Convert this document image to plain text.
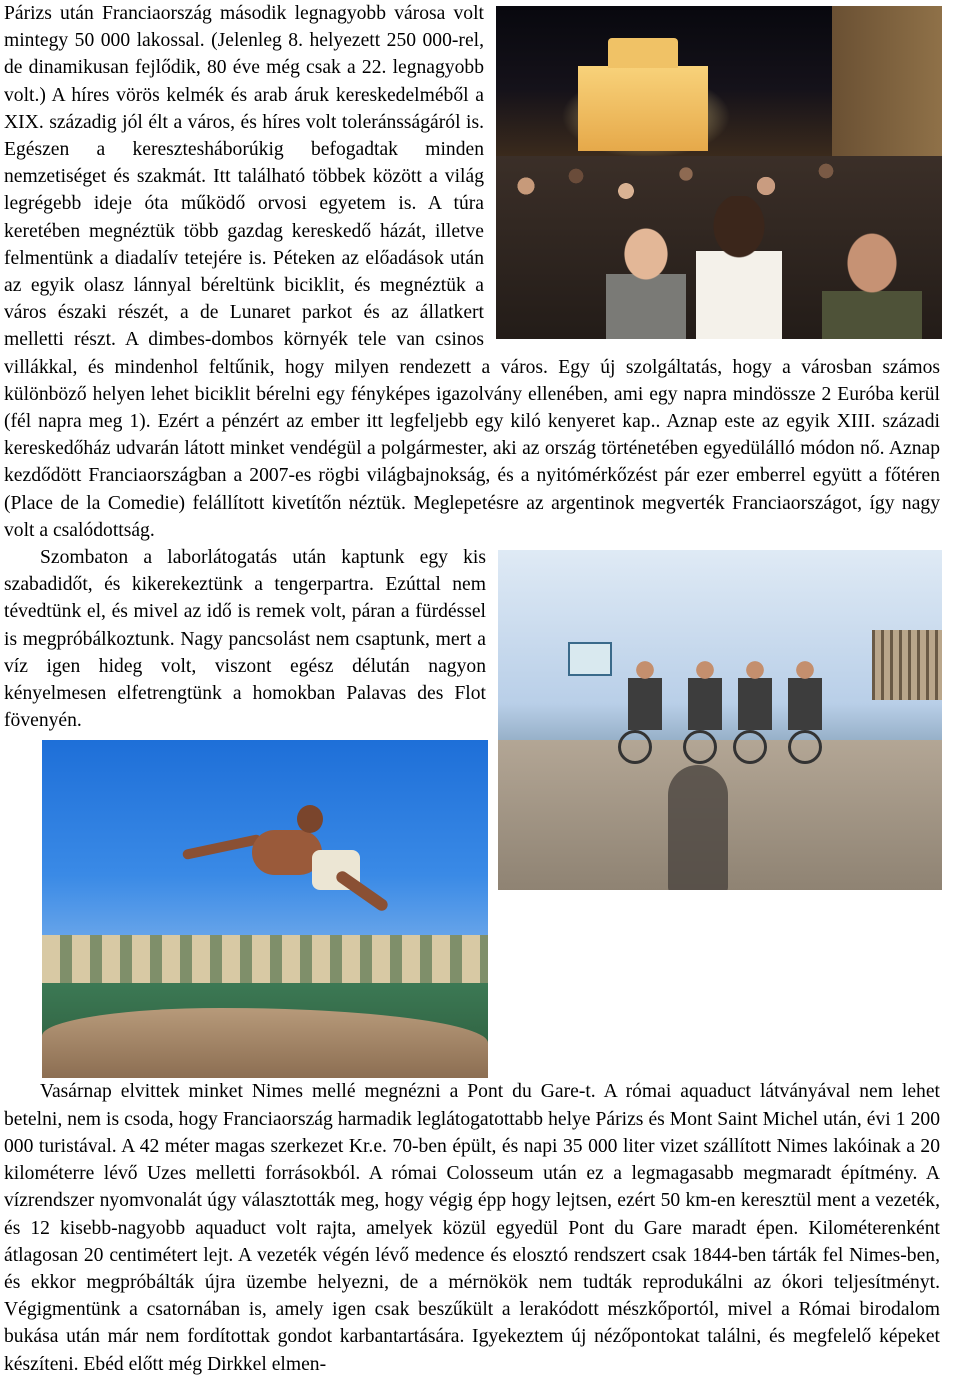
Párizs után Franciaország második legnagyobb városa volt mintegy 50 000 lakossal. (Jelenleg 8. helyezett 250 000-rel, de dinamikusan fejlődik, 80 éve még csak a 22. legnagyobb volt.) A híres vörös kelmék és arab áruk kereskedelméből a XIX. századig jól élt a város, és híres volt toleránsságáról is. Egészen a keresztesháborúkig befogadtak minden nemzetiséget és szakmát. Itt található többek között a világ legrégebb ideje óta működő orvosi egyetem is. A túra keretében megnéztük több gazdag kereskedő házát, illetve felmentünk a diadalív tetejére is. Péteken az előadások után az egyik olasz lánnyal béreltünk biciklit, és megnéztük a város északi részét, a de Lunaret parkot és az állatkert melletti részt. A dimbes-dombos környék tele van csinos villákkal, és mindenhol feltűnik, hogy milyen rendezett a város. Egy új szolgáltatás, hogy a városban számos különböző helyen lehet biciklit bérelni egy fényképes igazolvány ellenében, ami egy napra mindössze 2 Euróba kerül (fél napra meg 1). Ezért a pénzért az ember itt legfeljebb egy kiló kenyeret kap.. Aznap este az egyik XIII. századi kereskedőház udvarán látott minket vendégül a polgármester, aki az ország történetében egyedülálló módon nő. Aznap kezdődött Franciaországban a 2007-es rögbi világbajnokság, és a nyitómérkőzést pár ezer emberrel együtt a főtéren (Place de la Comedie) felállított kivetítőn néztük. Meglepetésre az argentinok megverték Franciaországot, így nagy volt a csalódottság.

Szombaton a laborlátogatás után kaptunk egy kis szabadidőt, és kikerekeztünk a tengerpartra. Ezúttal nem tévedtünk el, és mivel az idő is remek volt, páran a fürdéssel is megpróbálkoztunk. Nagy pancsolást nem csaptunk, mert a víz igen hideg volt, viszont egész délután nagyon kényelmesen elfetrengtünk a homokban Palavas des Flot fövenyén.

Vasárnap elvittek minket Nimes mellé megnézni a Pont du Gare-t. A római aquaduct látványával nem lehet betelni, nem is csoda, hogy Franciaország harmadik leglátogatottabb helye Párizs és Mont Saint Michel után, évi 1 200 000 turistával. A 42 méter magas szerkezet Kr.e. 70-ben épült, és napi 35 000 liter vizet szállított Nimes lakóinak a 20 kilométerre lévő Uzes melletti forrásokból. A római Colosseum után ez a legmagasabb megmaradt építmény. A vízrendszer nyomvonalát úgy választották meg, hogy végig épp hogy lejtsen, ezért 50 km-en keresztül ment a vezeték, és 12 kisebb-nagyobb aquaduct volt rajta, amelyek közül egyedül Pont du Gare maradt épen. Kilométerenként átlagosan 20 centimétert lejt. A vezeték végén lévő medence és elosztó rendszert csak 1844-ben tárták fel Nimes-ben, és ekkor megpróbálták újra üzembe helyezni, de a mérnökök nem tudták reprodukálni az ókori teljesítményt. Végigmentünk a csatornában is, amely igen csak beszűkült a lerakódott mészkőportól, mivel a Római birodalom bukása után már nem fordítottak gondot karbantartására. Igyekeztem új nézőpontokat találni, és megfelelő képeket készíteni. Ebéd előtt még Dirkkel elmen-
